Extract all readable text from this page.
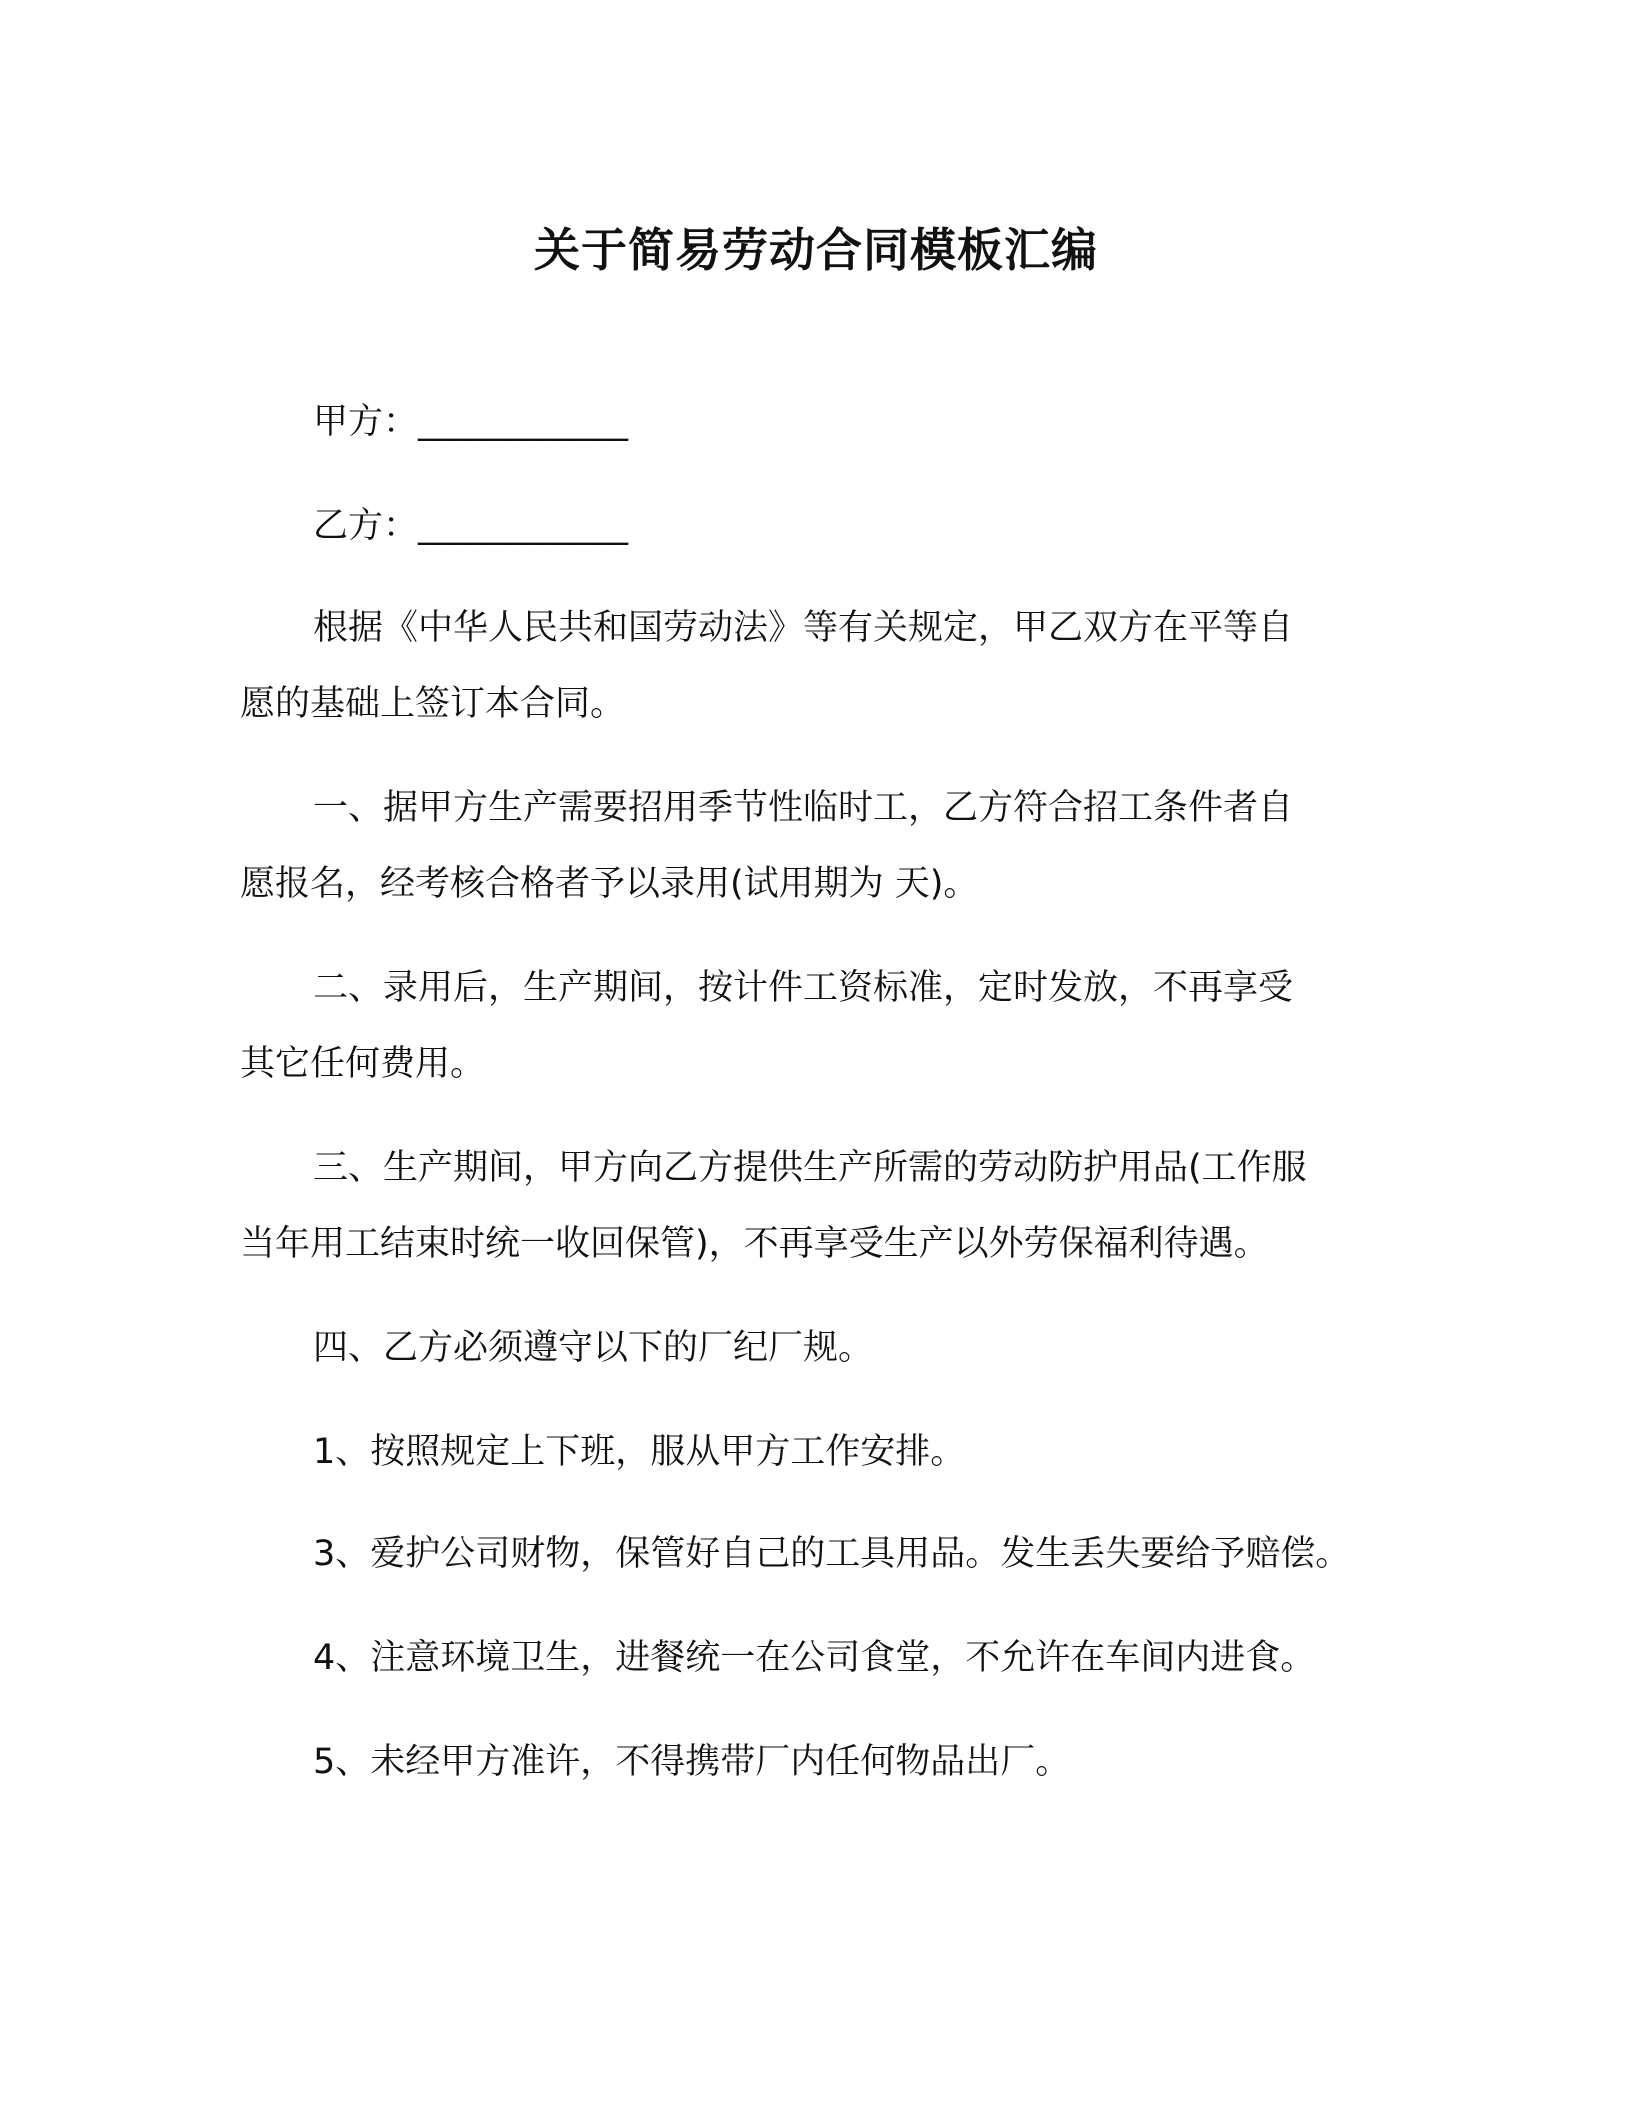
关于简易劳动合同模板汇编
甲方：____________
乙方：____________
根据《中华人民共和国劳动法》等有关规定，甲乙双方在平等自
愿的基础上签订本合同。
一、据甲方生产需要招用季节性临时工，乙方符合招工条件者自
愿报名，经考核合格者予以录用(试用期为 天)。
二、录用后，生产期间，按计件工资标准，定时发放，不再享受
其它任何费用。
三、生产期间，甲方向乙方提供生产所需的劳动防护用品(工作服
当年用工结束时统一收回保管)，不再享受生产以外劳保福利待遇。
四、乙方必须遵守以下的厂纪厂规。
1、按照规定上下班，服从甲方工作安排。
3、爱护公司财物，保管好自己的工具用品。发生丢失要给予赔偿。
4、注意环境卫生，进餐统一在公司食堂，不允许在车间内进食。
5、未经甲方准许，不得携带厂内任何物品出厂。
